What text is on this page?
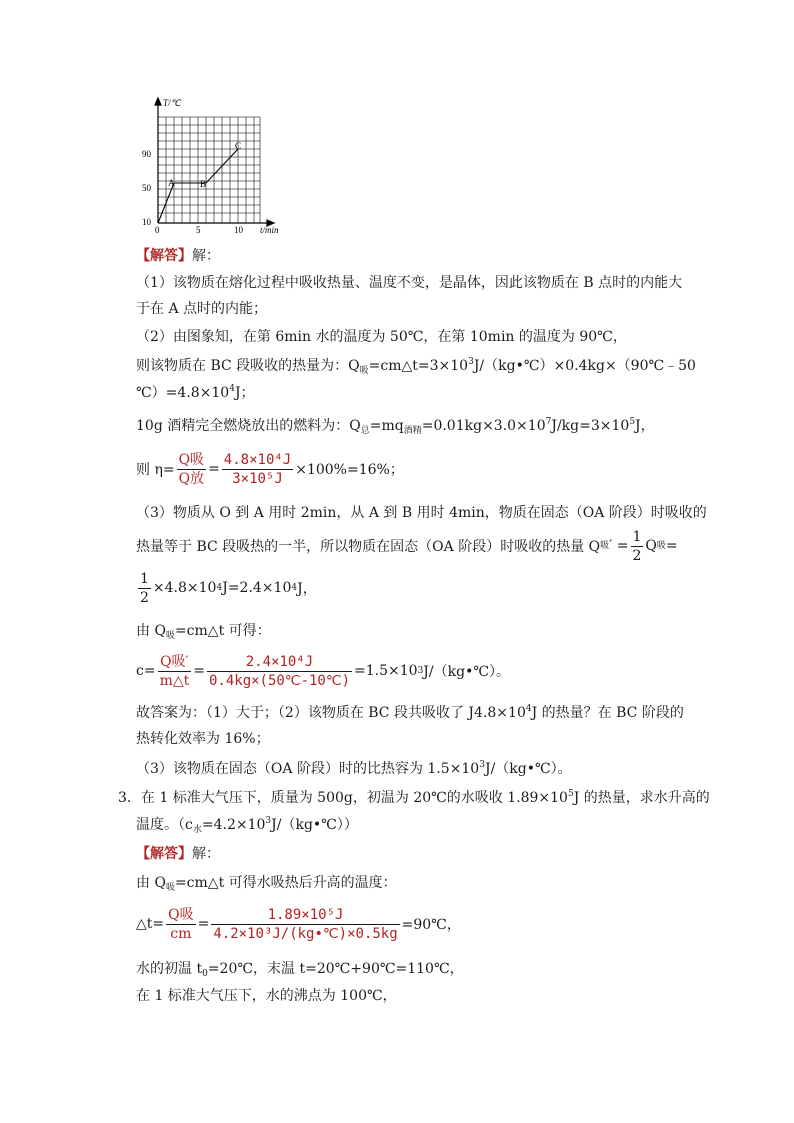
T/℃
t/min
90
50
10
0	5	10
A	B
C
【解答】解：
（1）该物质在熔化过程中吸收热量、温度不变，是晶体，因此该物质在 B 点时的内能大
于在 A 点时的内能；
（2）由图象知，在第 6min 水的温度为 50℃，在第 10min 的温度为 90℃，
则该物质在 BC 段吸收的热量为：$Q_吸=cm\triangle t=3\times 10^3J/(kg•℃)\times 0.4kg\times(90℃﹣50$
$℃)=4.8\times 10^4J$；
10g 酒精完全燃烧放出的燃料为：$Q_总=mq_{酒精}=0.01kg\times 3.0\times 10^7J/kg=3\times 10^5J$，
则 $\eta= \frac{\text{Q吸}}{\text{Q放}} = \frac{\text{4.8×10⁴J}}{\text{3×10⁵J}} \times 100\%=16\%$；
（3）物质从 O 到 A 用时 2min，从 A 到 B 用时 4min，物质在固态（OA 阶段）时吸收的
热量等于 BC 段吸热的一半，所以物质在固态（OA 阶段）时吸收的热量 Q 吸 ′ = $\frac{1}{2}$ Q 吸 =
$\frac{1}{2} \times 4.8\times 10$ 4 J=2.4×10 4 J，
由 $Q_吸=cm\triangle t$ 可得：
$c= \frac{\text{Q吸′}}{m\triangle t} = \frac{\text{2.4×10⁴J}}{0.4kg\times(50℃-10℃)} =1.5\times 10$ 3 J/（kg•℃）。
故答案为：（1）大于；（2）该物质在 BC 段共吸收了 $J4.8\times 10^4J$ 的热量？在 BC 阶段的
热转化效率为 16%；
（3）该物质在固态（OA 阶段）时的比热容为 $1.5\times 10^3J/(kg•℃)$。
3．在 1 标准大气压下，质量为 500g，初温为 20℃的水吸收 $1.89\times 10^5J$ 的热量，求水升高的
温度。$(c_水=4.2\times 10^3J/(kg•℃))$
【解答】解：
由 $Q_吸=cm\triangle t$ 可得水吸热后升高的温度：
△t= $\frac{\text{Q吸}}{cm} = \frac{\text{1.89×10⁵J}}{\text{4.2×10³J/(kg•℃)×0.5kg}}$ =90℃，
水的初温 $t_0=20℃$，末温 t=20℃+90℃=110℃，
在 1 标准大气压下，水的沸点为 100℃，
